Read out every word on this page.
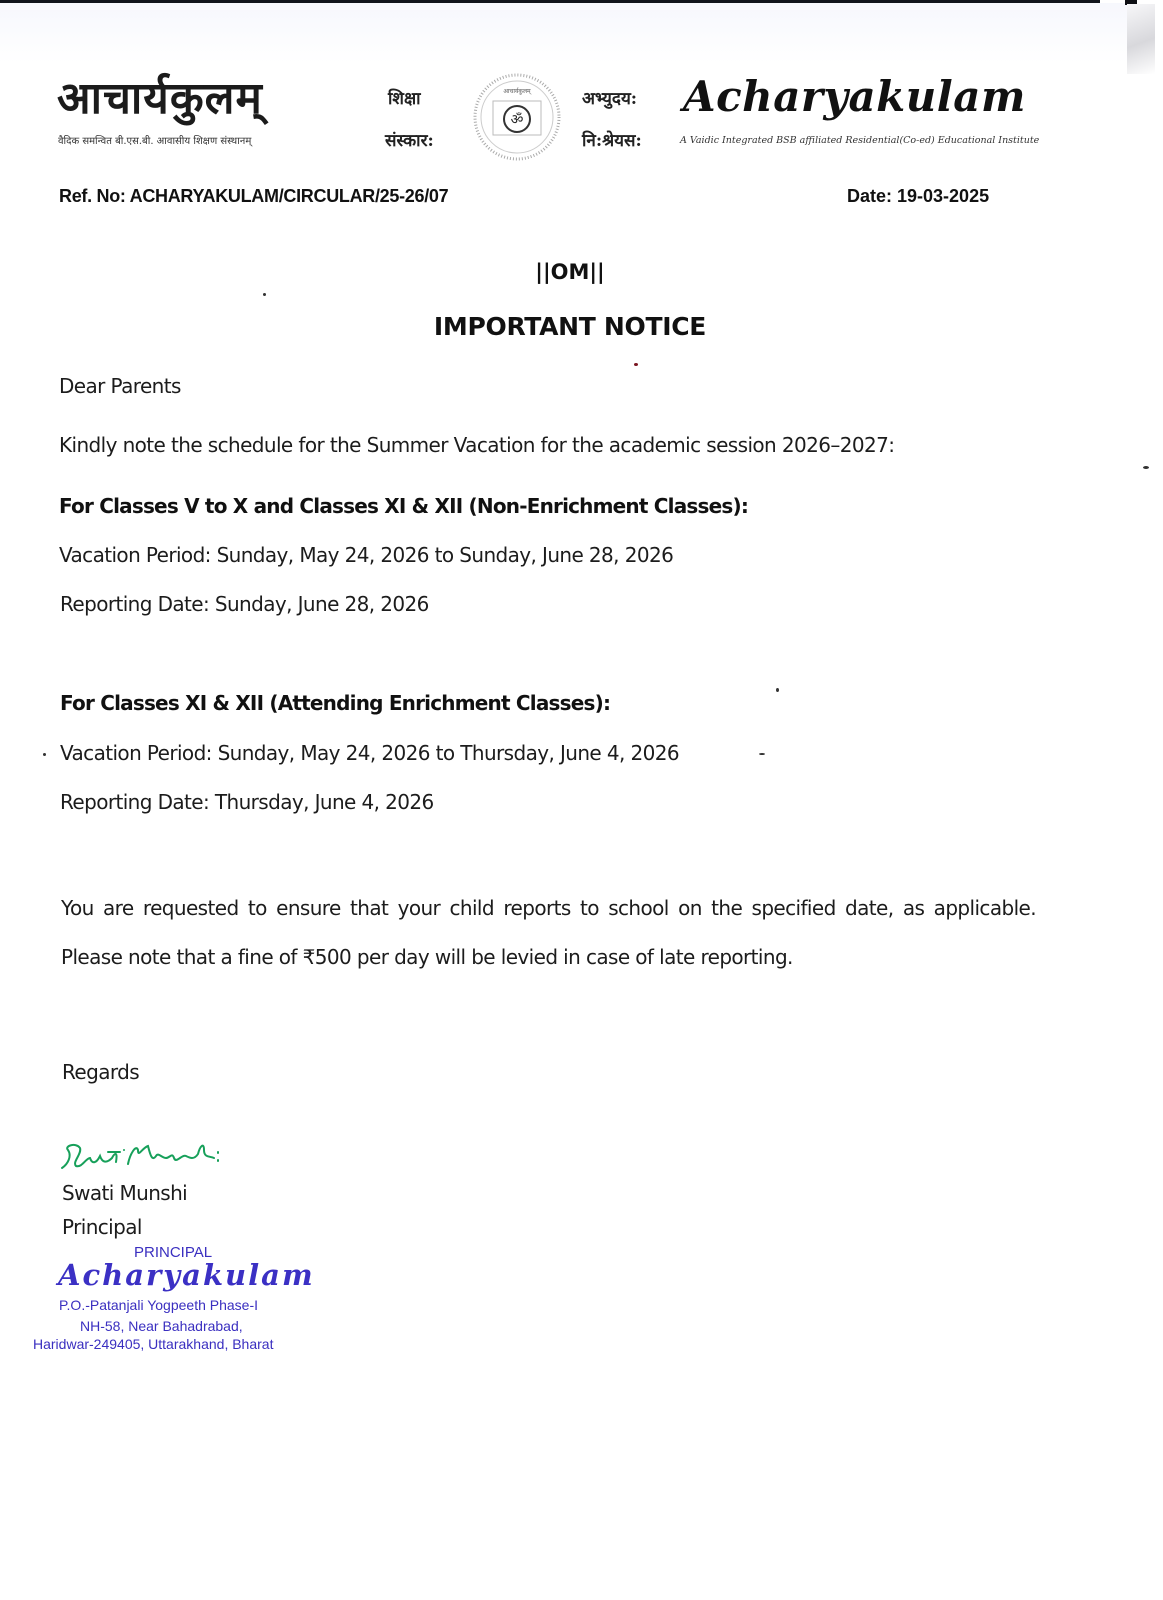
आचार्यकुलम्
वैदिक समन्वित बी.एस.बी. आवासीय शिक्षण संस्थानम्
शिक्षा
संस्कार:
ॐ
आचार्यकुलम्	अभ्युदय:
नि:श्रेयस:
Acharyakulam
A Vaidic Integrated BSB affiliated Residential(Co-ed) Educational Institute
Ref. No: ACHARYAKULAM/CIRCULAR/25-26/07	Date: 19-03-2025
||OM||
IMPORTANT NOTICE
Dear Parents
Kindly note the schedule for the Summer Vacation for the academic session 2026–2027:
For Classes V to X and Classes XI & XII (Non-Enrichment Classes):
Vacation Period: Sunday, May 24, 2026 to Sunday, June 28, 2026
Reporting Date: Sunday, June 28, 2026
For Classes XI & XII (Attending Enrichment Classes):
Vacation Period: Sunday, May 24, 2026 to Thursday, June 4, 2026
Reporting Date: Thursday, June 4, 2026
You are requested to ensure that your child reports to school on the specified date, as applicable. Please note that a fine of ₹500 per day will be levied in case of late reporting.
Regards
Swati Munshi
Principal
PRINCIPAL
Acharyakulam
P.O.-Patanjali Yogpeeth Phase-I
NH-58, Near Bahadrabad,
Haridwar-249405, Uttarakhand, Bharat
